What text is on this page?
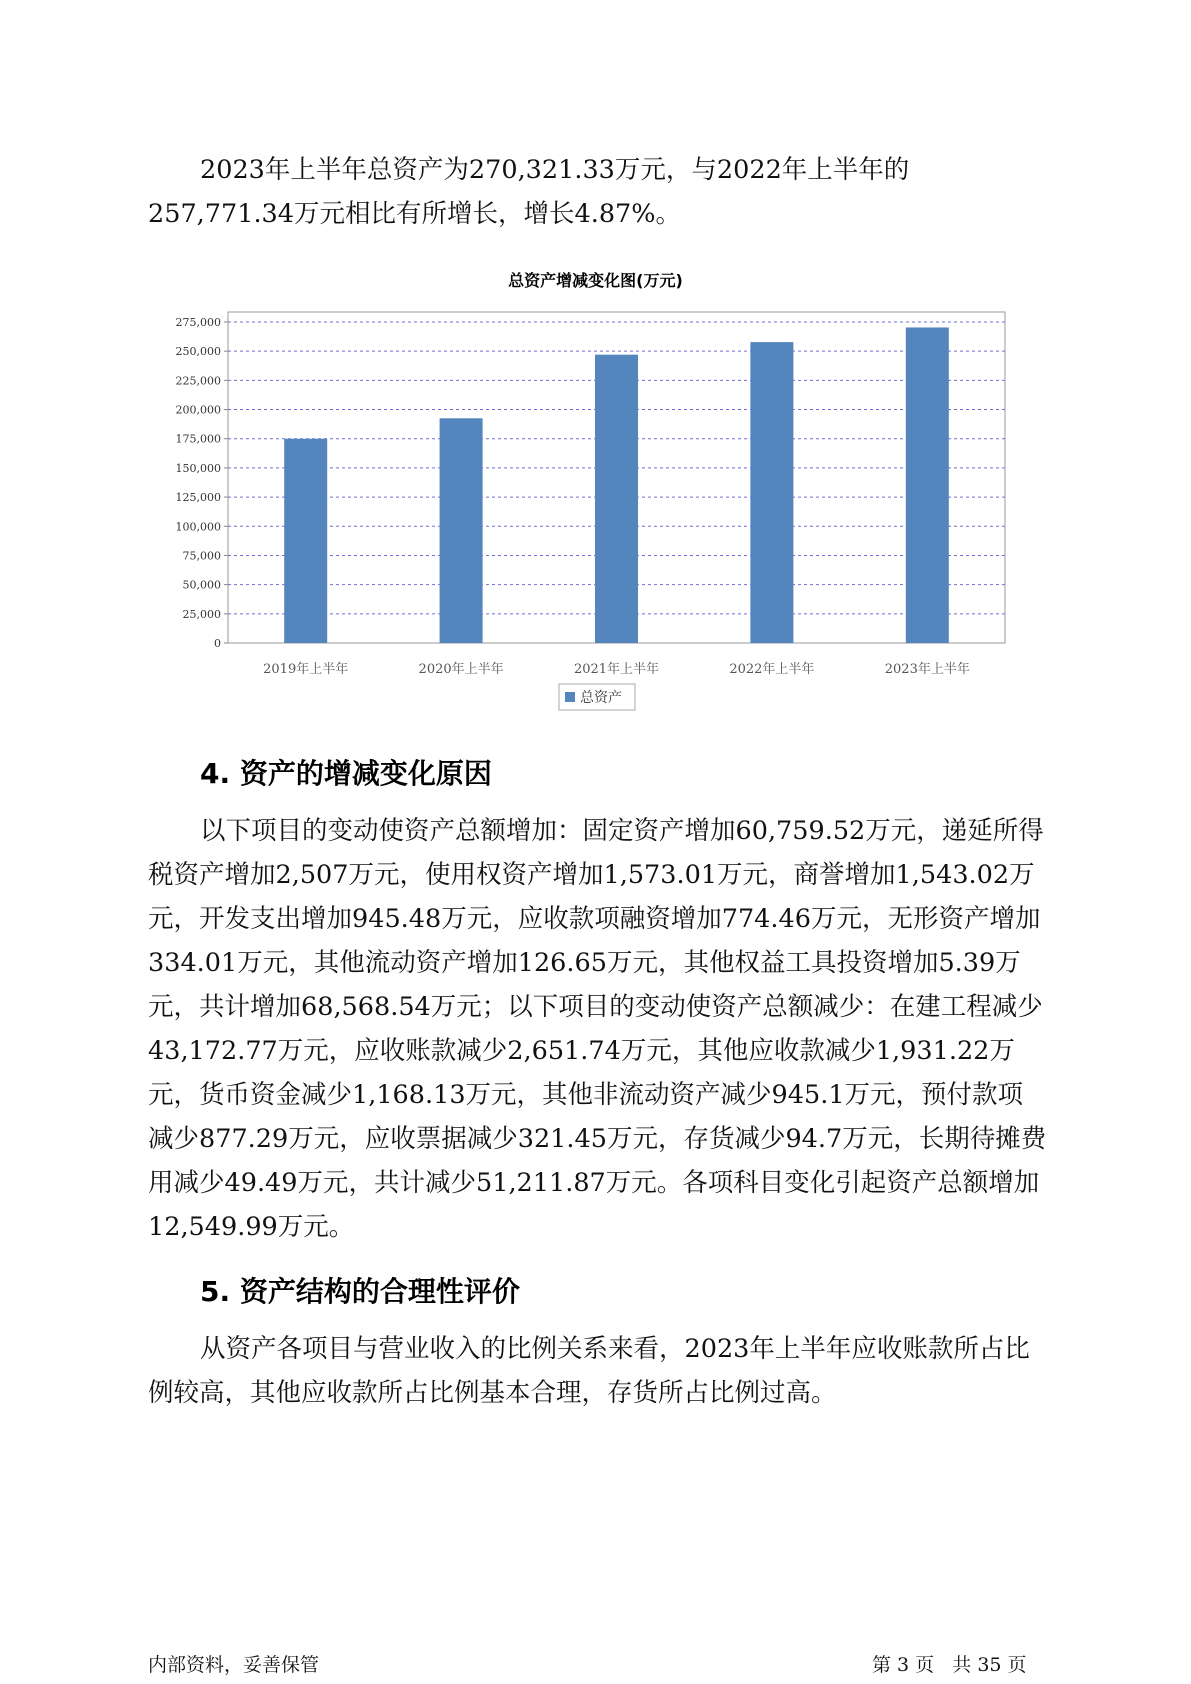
2023年上半年总资产为270,321.33万元，与2022年上半年的257,771.34万元相比有所增长，增长4.87%。

总资产增减变化图(万元)
0
25,000
50,000
75,000
100,000
125,000
150,000
175,000
200,000
225,000
250,000
275,000
2019年上半年	2020年上半年	2021年上半年	2022年上半年	2023年上半年
总资产
4. 资产的增减变化原因

以下项目的变动使资产总额增加：固定资产增加60,759.52万元，递延所得税资产增加2,507万元，使用权资产增加1,573.01万元，商誉增加1,543.02万元，开发支出增加945.48万元，应收款项融资增加774.46万元，无形资产增加334.01万元，其他流动资产增加126.65万元，其他权益工具投资增加5.39万元，共计增加68,568.54万元；以下项目的变动使资产总额减少：在建工程减少43,172.77万元，应收账款减少2,651.74万元，其他应收款减少1,931.22万元，货币资金减少1,168.13万元，其他非流动资产减少945.1万元，预付款项减少877.29万元，应收票据减少321.45万元，存货减少94.7万元，长期待摊费用减少49.49万元，共计减少51,211.87万元。各项科目变化引起资产总额增加12,549.99万元。

5. 资产结构的合理性评价

从资产各项目与营业收入的比例关系来看，2023年上半年应收账款所占比例较高，其他应收款所占比例基本合理，存货所占比例过高。

内部资料，妥善保管	第 3 页   共 35 页
